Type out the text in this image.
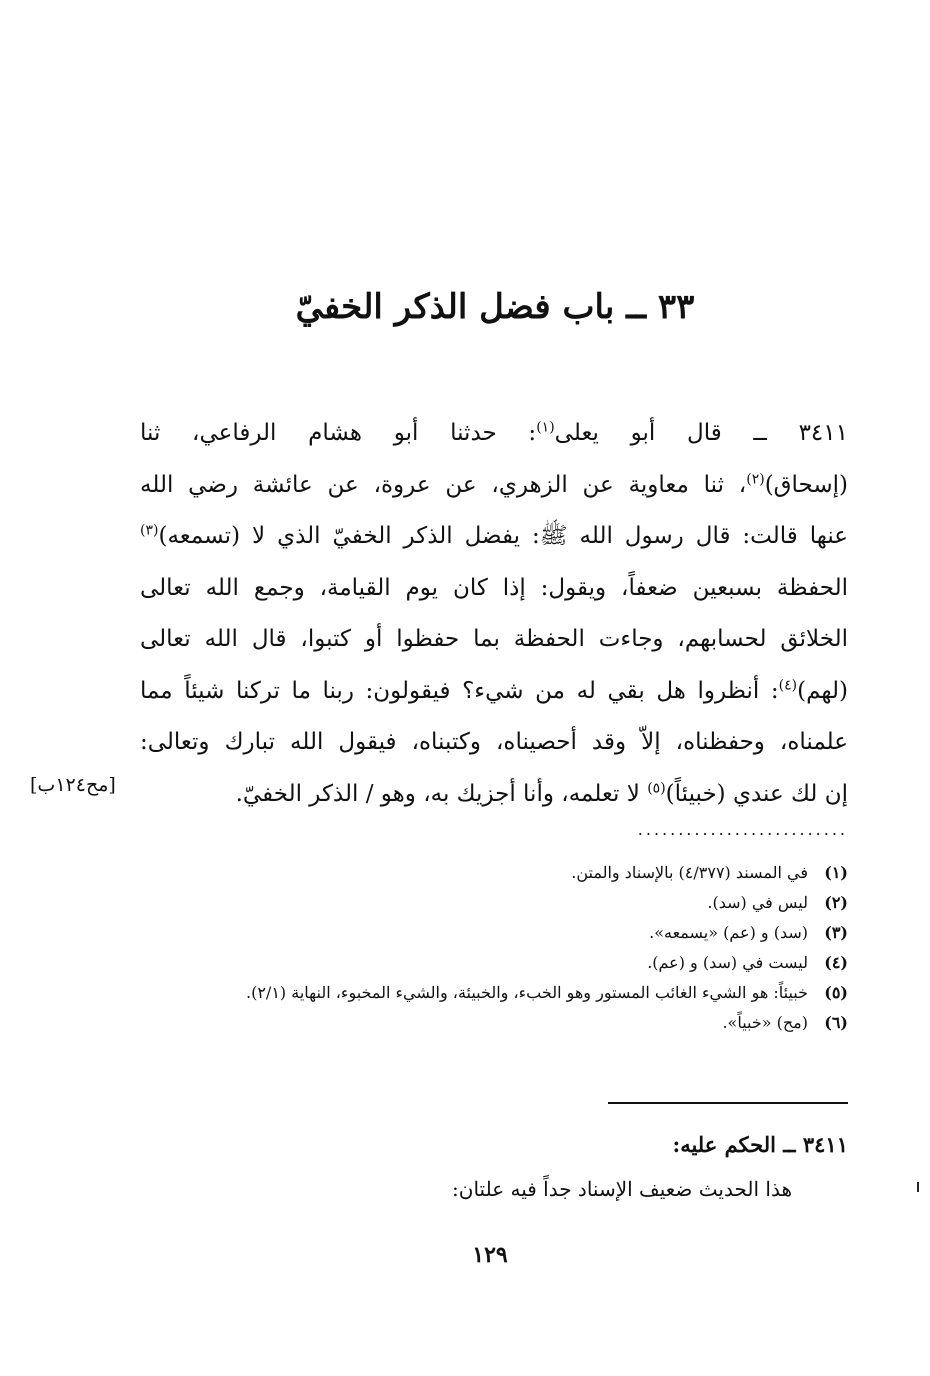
٣٣ ــ باب فضل الذكر الخفيّ
٣٤١١ ــ قال أبو يعلى$^{(١)}$: حدثنا أبو هشام الرفاعي، ثنا
(إسحاق)$^{(٢)}$، ثنا معاوية عن الزهري، عن عروة، عن عائشة رضي الله
عنها قالت: قال رسول الله ﷺ: يفضل الذكر الخفيّ الذي لا (تسمعه)$^{(٣)}$
الحفظة بسبعين ضعفاً، ويقول: إذا كان يوم القيامة، وجمع الله تعالى
الخلائق لحسابهم، وجاءت الحفظة بما حفظوا أو كتبوا، قال الله تعالى
(لهم)$^{(٤)}$: أنظروا هل بقي له من شيء؟ فيقولون: ربنا ما تركنا شيئاً مما
علمناه، وحفظناه، إلاّ وقد أحصيناه، وكتبناه، فيقول الله تبارك وتعالى:
إن لك عندي (خبيئاً)$^{(٥)}$ لا تعلمه، وأنا أجزيك به، وهو / الذكر الخفيّ.
[مح١٢٤ب]
..........................
(١)
في المسند (٤/٣٧٧) بالإسناد والمتن.
(٢)
ليس في (سد).
(٣)
(سد) و (عم) «يسمعه».
(٤)
ليست في (سد) و (عم).
(٥)
خبيئاً: هو الشيء الغائب المستور وهو الخبء، والخبيئة، والشيء المخبوء، النهاية (٢/١).
(٦)
(مح) «خبياً».
٣٤١١ ــ الحكم عليه:
هذا الحديث ضعيف الإسناد جداً فيه علتان:
١٢٩
